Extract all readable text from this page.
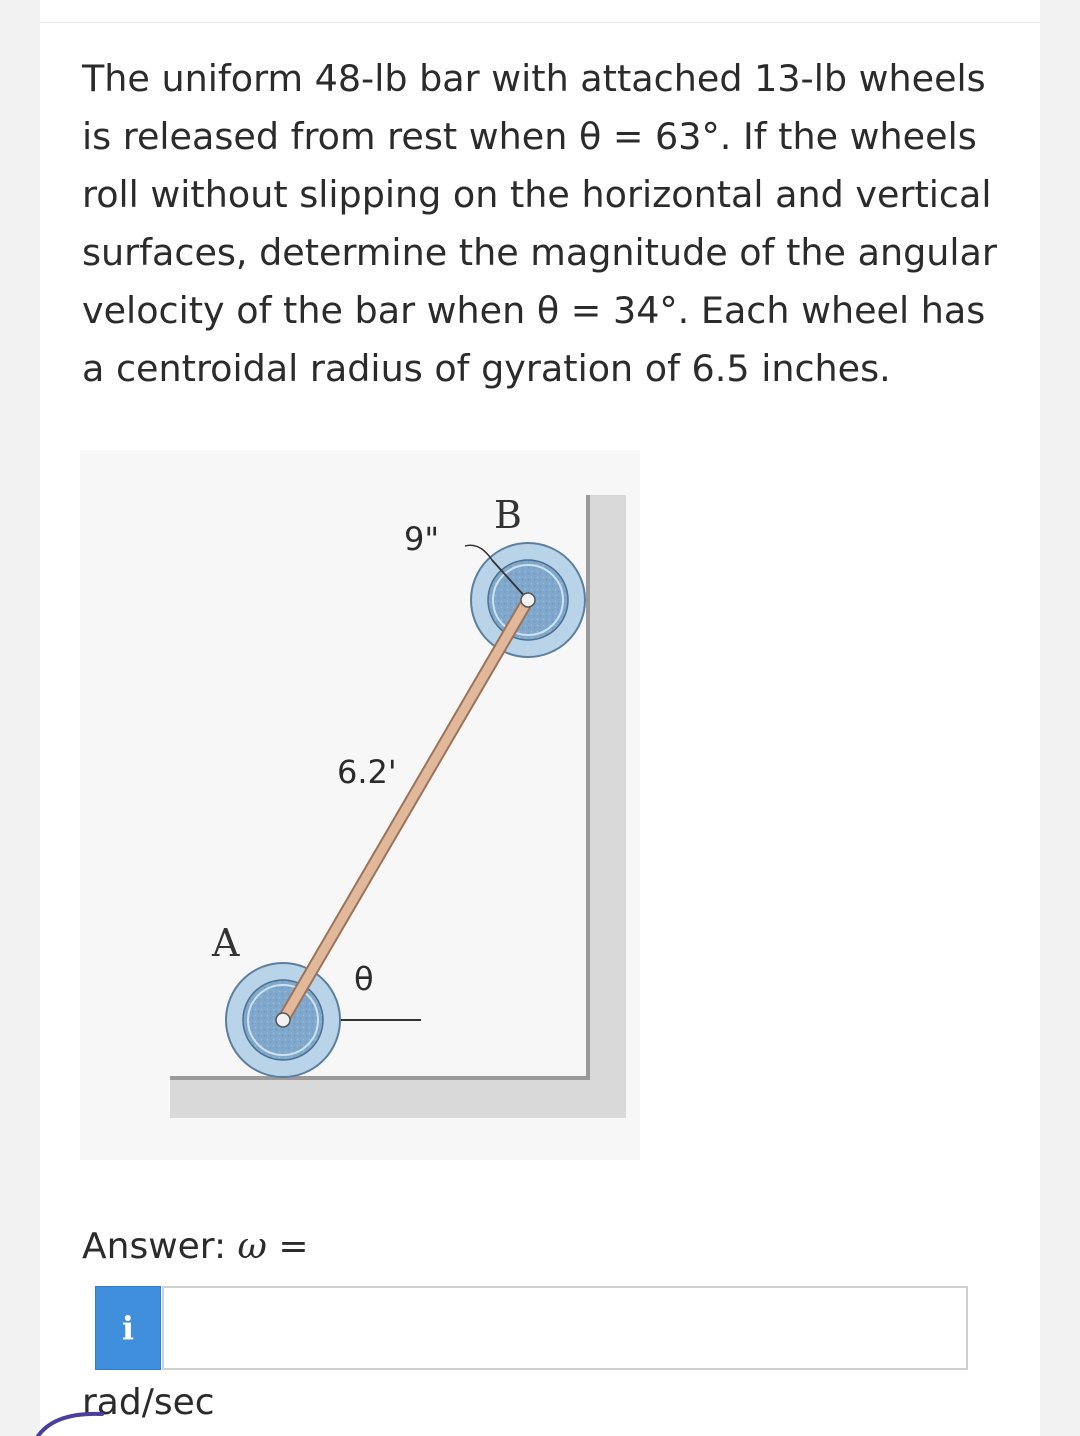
The uniform 48-lb bar with attached 13-lb wheels is released from rest when θ = 63°. If the wheels roll without slipping on the horizontal and vertical surfaces, determine the magnitude of the angular velocity of the bar when θ = 34°. Each wheel has a centroidal radius of gyration of 6.5 inches.

B
9"
6.2'
A
θ
Answer: ω =
i
rad/sec
